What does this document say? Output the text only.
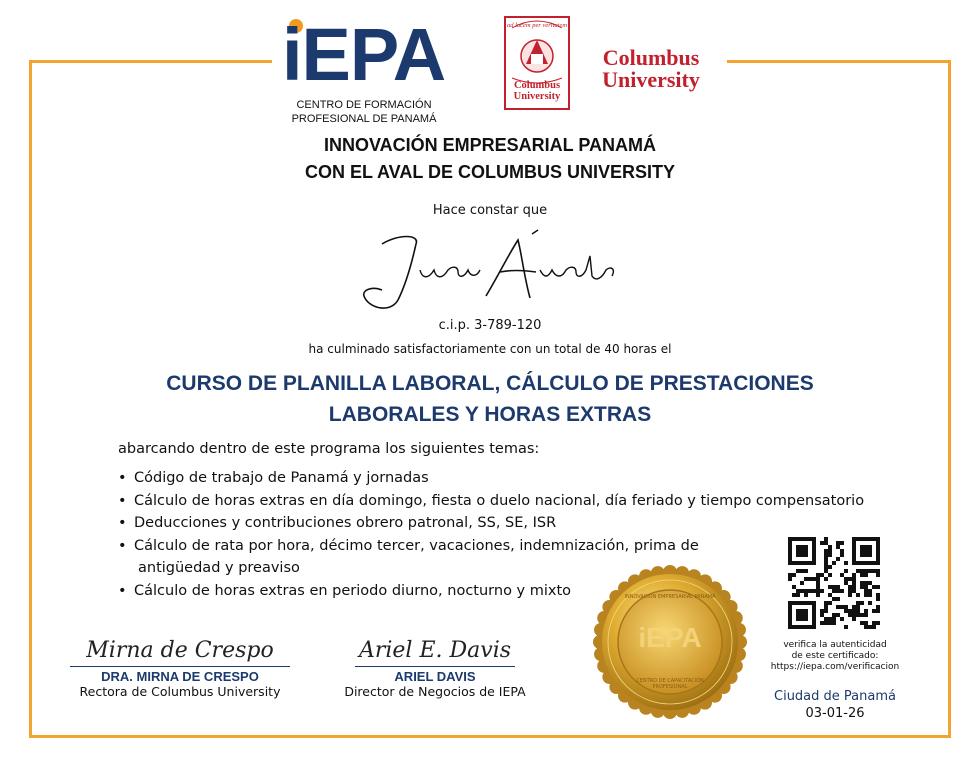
iEPA
CENTRO DE FORMACIÓN
PROFESIONAL DE PANAMÁ
ad lucem per veritatem
Columbus
University
Columbus
University
INNOVACIÓN EMPRESARIAL PANAMÁ
CON EL AVAL DE COLUMBUS UNIVERSITY
Hace constar que
c.i.p. 3-789-120
ha culminado satisfactoriamente con un total de 40 horas el
CURSO DE PLANILLA LABORAL, CÁLCULO DE PRESTACIONES
LABORALES Y HORAS EXTRAS
abarcando dentro de este programa los siguientes temas:
• Código de trabajo de Panamá y jornadas
• Cálculo de horas extras en día domingo, fiesta o duelo nacional, día feriado y tiempo compensatorio
• Deducciones y contribuciones obrero patronal, SS, SE, ISR
• Cálculo de rata por hora, décimo tercer, vacaciones, indemnización, prima de
antigüedad y preaviso
• Cálculo de horas extras en periodo diurno, nocturno y mixto
verifica la autenticidad
de este certificado:
https://iepa.com/verificacion
Ciudad de Panamá
03-01-26
iEPA
INNOVACIÓN EMPRESARIAL PANAMÁ
CENTRO DE CAPACITACIÓN PROFESIONAL
Mirna de Crespo
DRA. MIRNA DE CRESPO
Rectora de Columbus University
Ariel E. Davis
ARIEL DAVIS
Director de Negocios de IEPA
